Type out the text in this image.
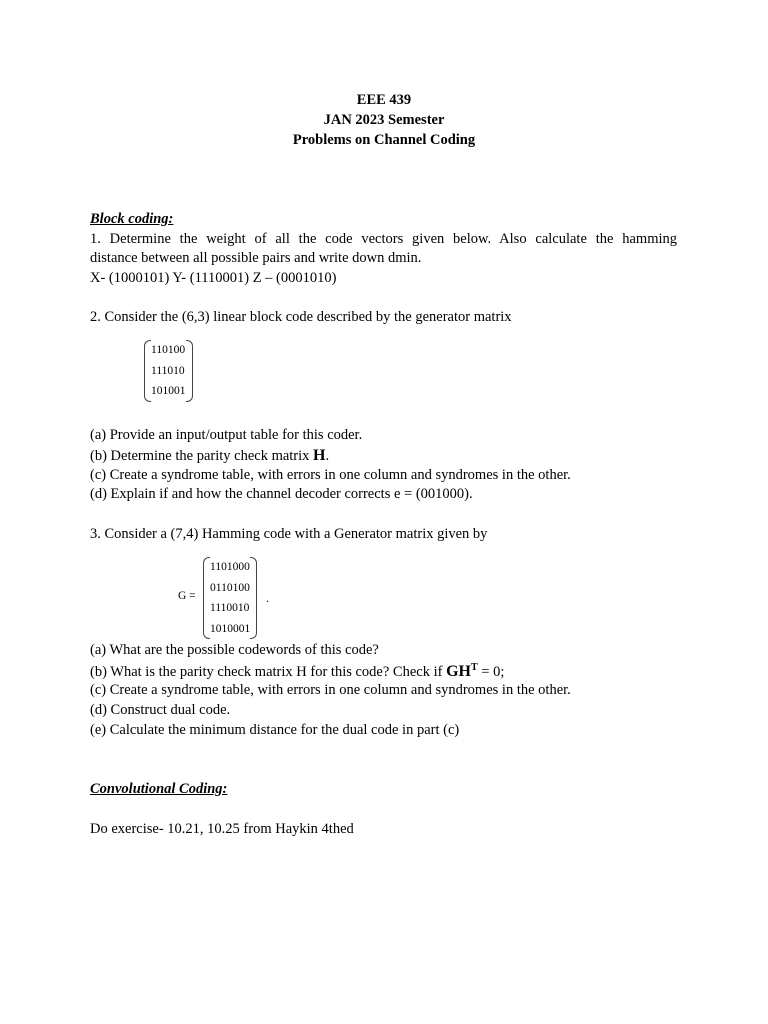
EEE 439
JAN 2023 Semester
Problems on Channel Coding
Block coding:
1. Determine the weight of all the code vectors given below. Also calculate the hamming
distance between all possible pairs and write down dmin.
X- (1000101) Y- (1110001) Z – (0001010)
2. Consider the (6,3) linear block code described by the generator matrix
110100
111010
101001
(a) Provide an input/output table for this coder.
(b) Determine the parity check matrix H.
(c) Create a syndrome table, with errors in one column and syndromes in the other.
(d) Explain if and how the channel decoder corrects e = (001000).
3. Consider a (7,4) Hamming code with a Generator matrix given by
G =
1101000
0110100
1110010
1010001
.
(a) What are the possible codewords of this code?
(b) What is the parity check matrix H for this code? Check if $GH^T = 0$;
(c) Create a syndrome table, with errors in one column and syndromes in the other.
(d) Construct dual code.
(e) Calculate the minimum distance for the dual code in part (c)
Convolutional Coding:
Do exercise- 10.21, 10.25 from Haykin 4thed
